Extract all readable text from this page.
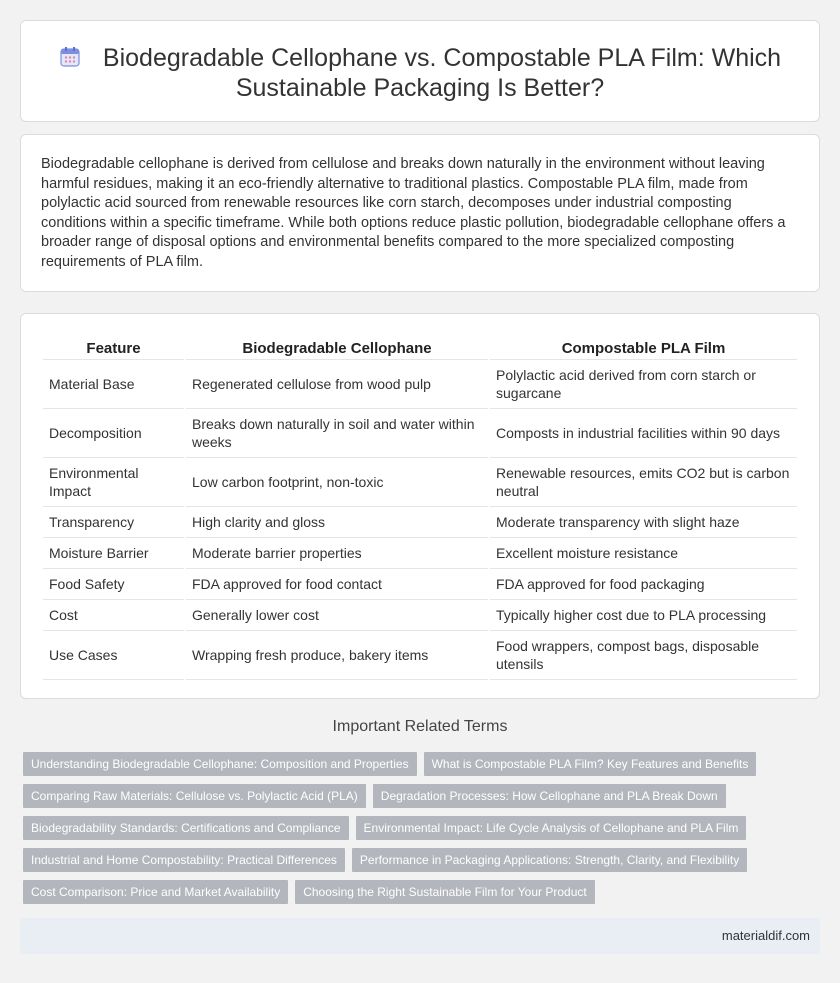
Biodegradable Cellophane vs. Compostable PLA Film: Which
Sustainable Packaging Is Better?

Biodegradable cellophane is derived from cellulose and breaks down naturally in the environment without leaving harmful residues, making it an eco-friendly alternative to traditional plastics. Compostable PLA film, made from polylactic acid sourced from renewable resources like corn starch, decomposes under industrial composting conditions within a specific timeframe. While both options reduce plastic pollution, biodegradable cellophane offers a broader range of disposal options and environmental benefits compared to the more specialized composting requirements of PLA film.

Feature	Biodegradable Cellophane	Compostable PLA Film
Material Base	Regenerated cellulose from wood pulp	Polylactic acid derived from corn starch or sugarcane
Decomposition	Breaks down naturally in soil and water within weeks	Composts in industrial facilities within 90 days
Environmental Impact	Low carbon footprint, non-toxic	Renewable resources, emits CO2 but is carbon neutral
Transparency	High clarity and gloss	Moderate transparency with slight haze
Moisture Barrier	Moderate barrier properties	Excellent moisture resistance
Food Safety	FDA approved for food contact	FDA approved for food packaging
Cost	Generally lower cost	Typically higher cost due to PLA processing
Use Cases	Wrapping fresh produce, bakery items	Food wrappers, compost bags, disposable utensils
Important Related Terms
Understanding Biodegradable Cellophane: Composition and Properties	What is Compostable PLA Film? Key Features and Benefits
Comparing Raw Materials: Cellulose vs. Polylactic Acid (PLA)	Degradation Processes: How Cellophane and PLA Break Down
Biodegradability Standards: Certifications and Compliance	Environmental Impact: Life Cycle Analysis of Cellophane and PLA Film
Industrial and Home Compostability: Practical Differences	Performance in Packaging Applications: Strength, Clarity, and Flexibility
Cost Comparison: Price and Market Availability	Choosing the Right Sustainable Film for Your Product
materialdif.com
